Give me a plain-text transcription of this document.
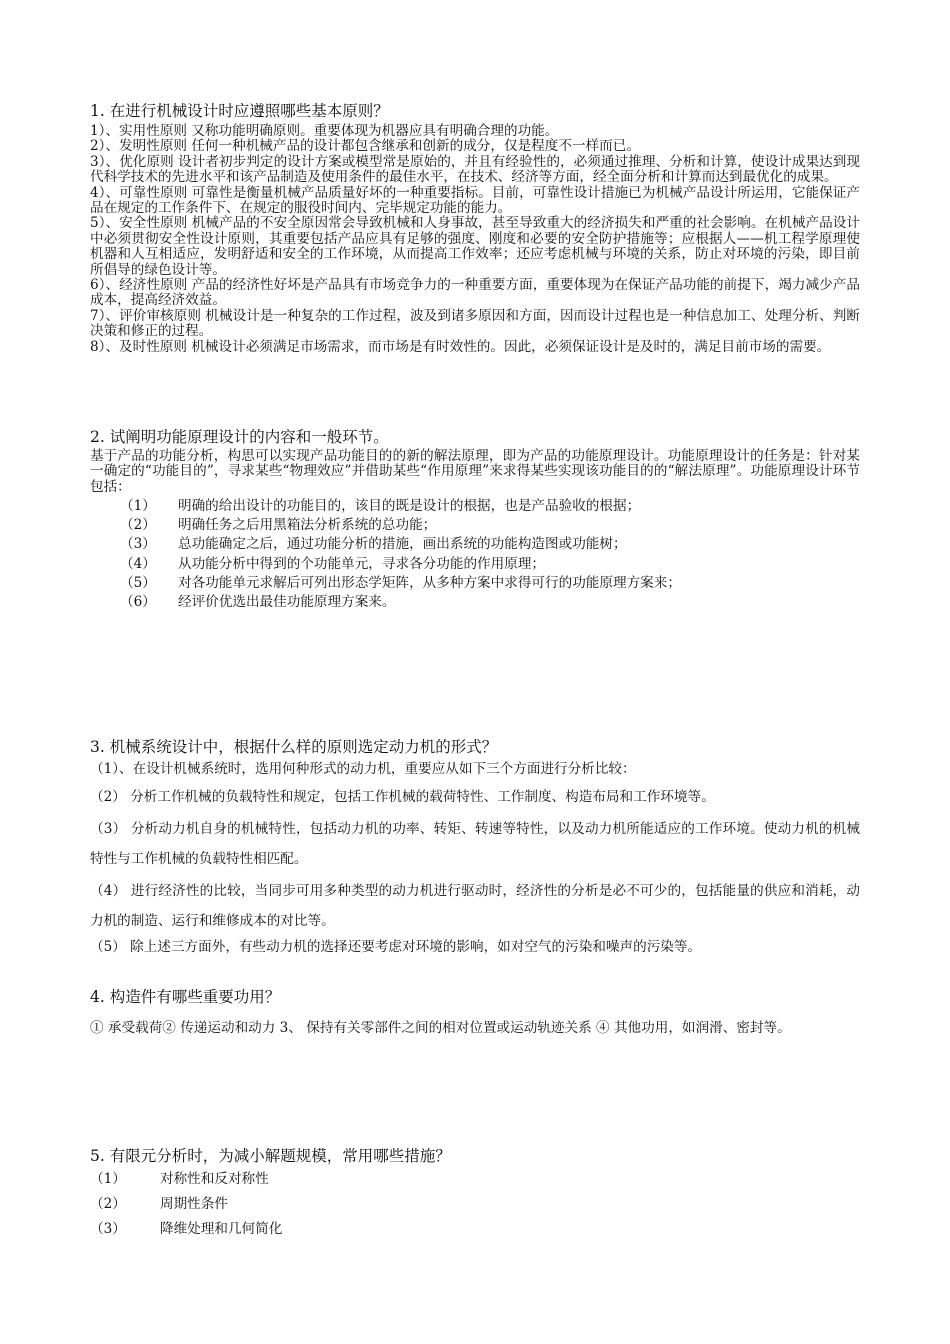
1. 在进行机械设计时应遵照哪些基本原则？

1）、实用性原则 又称功能明确原则。重要体现为机器应具有明确合理的功能。

2）、发明性原则 任何一种机械产品的设计都包含继承和创新的成分，仅是程度不一样而已。

3）、优化原则 设计者初步判定的设计方案或模型常是原始的，并且有经验性的，必须通过推理、分析和计算，使设计成果达到现代科学技术的先进水平和该产品制造及使用条件的最佳水平，在技术、经济等方面，经全面分析和计算而达到最优化的成果。

4）、可靠性原则 可靠性是衡量机械产品质量好坏的一种重要指标。目前，可靠性设计措施已为机械产品设计所运用，它能保证产品在规定的工作条件下、在规定的服役时间内、完毕规定功能的能力。

5）、安全性原则 机械产品的不安全原因常会导致机械和人身事故，甚至导致重大的经济损失和严重的社会影响。在机械产品设计中必须贯彻安全性设计原则，其重要包括产品应具有足够的强度、刚度和必要的安全防护措施等；应根据人——机工程学原理使机器和人互相适应，发明舒适和安全的工作环境，从而提高工作效率；还应考虑机械与环境的关系，防止对环境的污染，即目前所倡导的绿色设计等。

6）、经济性原则 产品的经济性好坏是产品具有市场竞争力的一种重要方面，重要体现为在保证产品功能的前提下，竭力减少产品成本，提高经济效益。

7）、评价审核原则 机械设计是一种复杂的工作过程，波及到诸多原因和方面，因而设计过程也是一种信息加工、处理分析、判断决策和修正的过程。

8）、及时性原则 机械设计必须满足市场需求，而市场是有时效性的。因此，必须保证设计是及时的，满足目前市场的需要。

2. 试阐明功能原理设计的内容和一般环节。
基于产品的功能分析，构思可以实现产品功能目的的新的解法原理，即为产品的功能原理设计。功能原理设计的任务是：针对某一确定的“功能目的”，寻求某些“物理效应”并借助某些“作用原理”来求得某些实现该功能目的的“解法原理”。功能原理设计环节包括：
（1）	明确的给出设计的功能目的，该目的既是设计的根据，也是产品验收的根据；
（2）	明确任务之后用黑箱法分析系统的总功能；
（3）	总功能确定之后，通过功能分析的措施，画出系统的功能构造图或功能树；
（4）	从功能分析中得到的个功能单元，寻求各分功能的作用原理；
（5）	对各功能单元求解后可列出形态学矩阵，从多种方案中求得可行的功能原理方案来；
（6）	经评价优选出最佳功能原理方案来。
3. 机械系统设计中，根据什么样的原则选定动力机的形式？

（1）、在设计机械系统时，选用何种形式的动力机，重要应从如下三个方面进行分析比较：

（2） 分析工作机械的负载特性和规定，包括工作机械的载荷特性、工作制度、构造布局和工作环境等。

（3） 分析动力机自身的机械特性，包括动力机的功率、转矩、转速等特性，以及动力机所能适应的工作环境。使动力机的机械特性与工作机械的负载特性相匹配。

（4） 进行经济性的比较，当同步可用多种类型的动力机进行驱动时，经济性的分析是必不可少的，包括能量的供应和消耗，动力机的制造、运行和维修成本的对比等。

（5） 除上述三方面外，有些动力机的选择还要考虑对环境的影响，如对空气的污染和噪声的污染等。

4. 构造件有哪些重要功用？
① 承受载荷② 传递运动和动力 3、 保持有关零部件之间的相对位置或运动轨迹关系 ④ 其他功用，如润滑、密封等。
5. 有限元分析时，为减小解题规模，常用哪些措施？
（1）	对称性和反对称性
（2）	周期性条件
（3）	降维处理和几何简化
